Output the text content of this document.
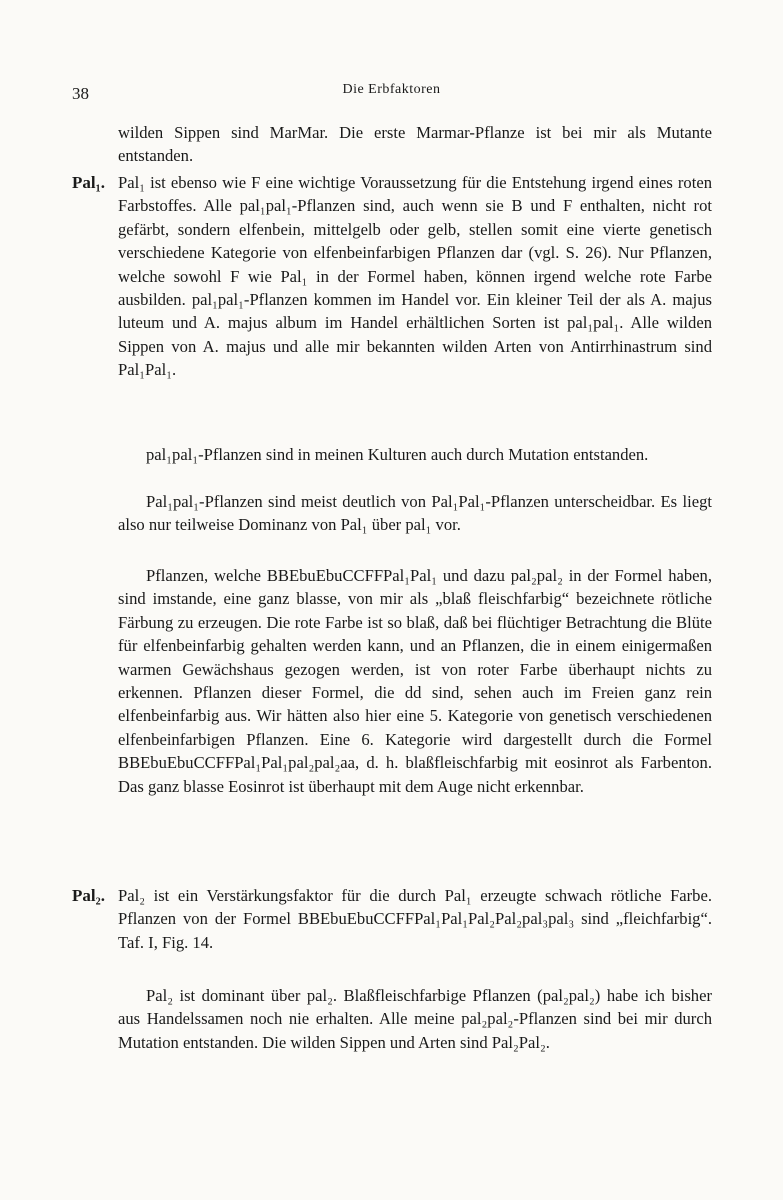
38	Die Erbfaktoren
Pal₁.
Pal₂.
wilden Sippen sind MarMar. Die erste Marmar-Pflanze ist bei mir als Mutante entstanden.
Pal₁ ist ebenso wie F eine wichtige Voraussetzung für die Entstehung irgend eines roten Farbstoffes. Alle pal₁pal₁-Pflanzen sind, auch wenn sie B und F enthalten, nicht rot gefärbt, sondern elfenbein, mittelgelb oder gelb, stellen somit eine vierte genetisch verschiedene Kategorie von elfenbeinfarbigen Pflanzen dar (vgl. S. 26). Nur Pflanzen, welche sowohl F wie Pal₁ in der Formel haben, können irgend welche rote Farbe ausbilden. pal₁pal₁-Pflanzen kommen im Handel vor. Ein kleiner Teil der als A. majus luteum und A. majus album im Handel erhältlichen Sorten ist pal₁pal₁. Alle wilden Sippen von A. majus und alle mir bekannten wilden Arten von Antirrhinastrum sind Pal₁Pal₁.
pal₁pal₁-Pflanzen sind in meinen Kulturen auch durch Mutation entstanden.
Pal₁pal₁-Pflanzen sind meist deutlich von Pal₁Pal₁-Pflanzen unterscheidbar. Es liegt also nur teilweise Dominanz von Pal₁ über pal₁ vor.
Pflanzen, welche BBEbuEbuCCFFPal₁Pal₁ und dazu pal₂pal₂ in der Formel haben, sind imstande, eine ganz blasse, von mir als „blaß fleischfarbig“ bezeichnete rötliche Färbung zu erzeugen. Die rote Farbe ist so blaß, daß bei flüchtiger Betrachtung die Blüte für elfenbeinfarbig gehalten werden kann, und an Pflanzen, die in einem einigermaßen warmen Gewächshaus gezogen werden, ist von roter Farbe überhaupt nichts zu erkennen. Pflanzen dieser Formel, die dd sind, sehen auch im Freien ganz rein elfenbeinfarbig aus. Wir hätten also hier eine 5. Kategorie von genetisch verschiedenen elfenbeinfarbigen Pflanzen. Eine 6. Kategorie wird dargestellt durch die Formel BBEbuEbuCCFFPal₁Pal₁pal₂pal₂aa, d. h. blaßfleischfarbig mit eosinrot als Farbenton. Das ganz blasse Eosinrot ist überhaupt mit dem Auge nicht erkennbar.
Pal₂ ist ein Verstärkungsfaktor für die durch Pal₁ erzeugte schwach rötliche Farbe. Pflanzen von der Formel BBEbuEbuCCFFPal₁Pal₁Pal₂Pal₂pal₃pal₃ sind „fleichfarbig“. Taf. I, Fig. 14.
Pal₂ ist dominant über pal₂. Blaßfleischfarbige Pflanzen (pal₂pal₂) habe ich bisher aus Handelssamen noch nie erhalten. Alle meine pal₂pal₂-Pflanzen sind bei mir durch Mutation entstanden. Die wilden Sippen und Arten sind Pal₂Pal₂.
